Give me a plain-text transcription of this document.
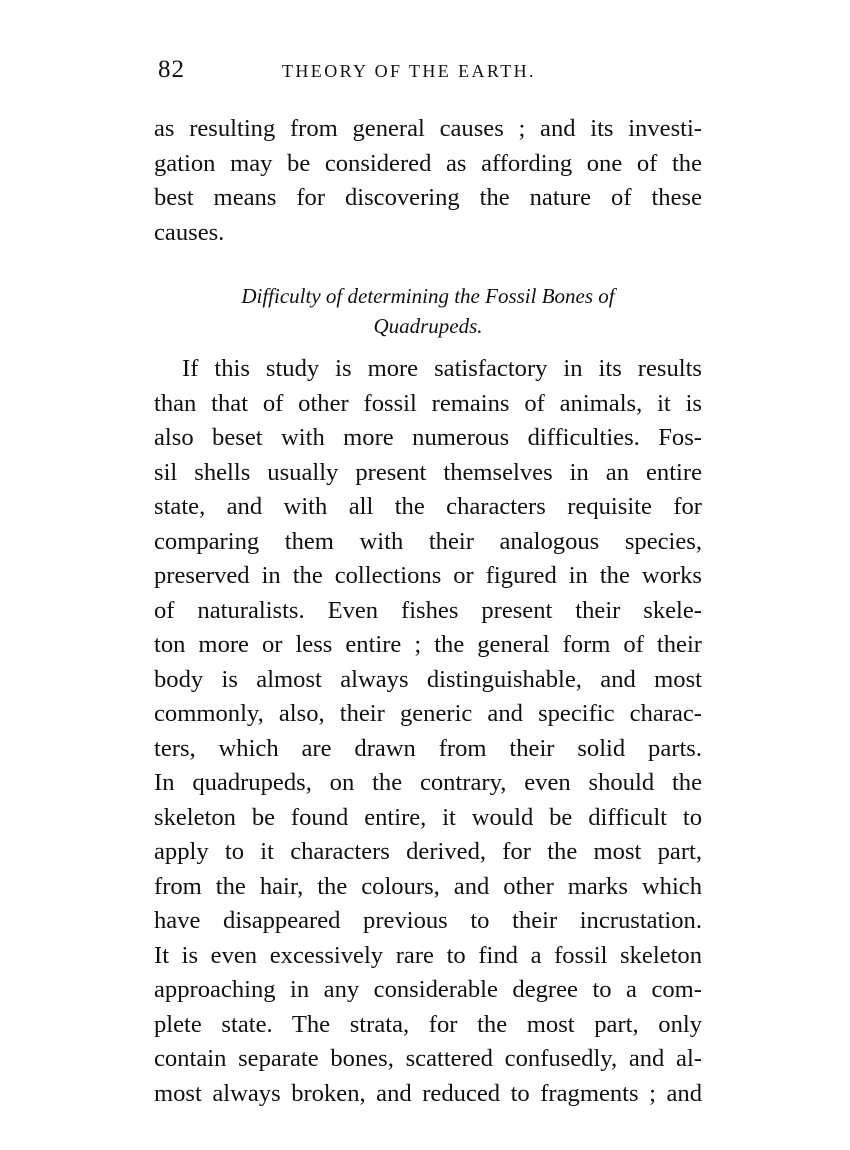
82	THEORY OF THE EARTH.
as resulting from general causes ; and its investi-
gation may be considered as affording one of the
best means for discovering the nature of these
causes.
Difficulty of determining the Fossil Bones of
Quadrupeds.
If this study is more satisfactory in its results
than that of other fossil remains of animals, it is
also beset with more numerous difficulties. Fos-
sil shells usually present themselves in an entire
state, and with all the characters requisite for
comparing them with their analogous species,
preserved in the collections or figured in the works
of naturalists. Even fishes present their skele-
ton more or less entire ; the general form of their
body is almost always distinguishable, and most
commonly, also, their generic and specific charac-
ters, which are drawn from their solid parts.
In quadrupeds, on the contrary, even should the
skeleton be found entire, it would be difficult to
apply to it characters derived, for the most part,
from the hair, the colours, and other marks which
have disappeared previous to their incrustation.
It is even excessively rare to find a fossil skeleton
approaching in any considerable degree to a com-
plete state. The strata, for the most part, only
contain separate bones, scattered confusedly, and al-
most always broken, and reduced to fragments ; and
